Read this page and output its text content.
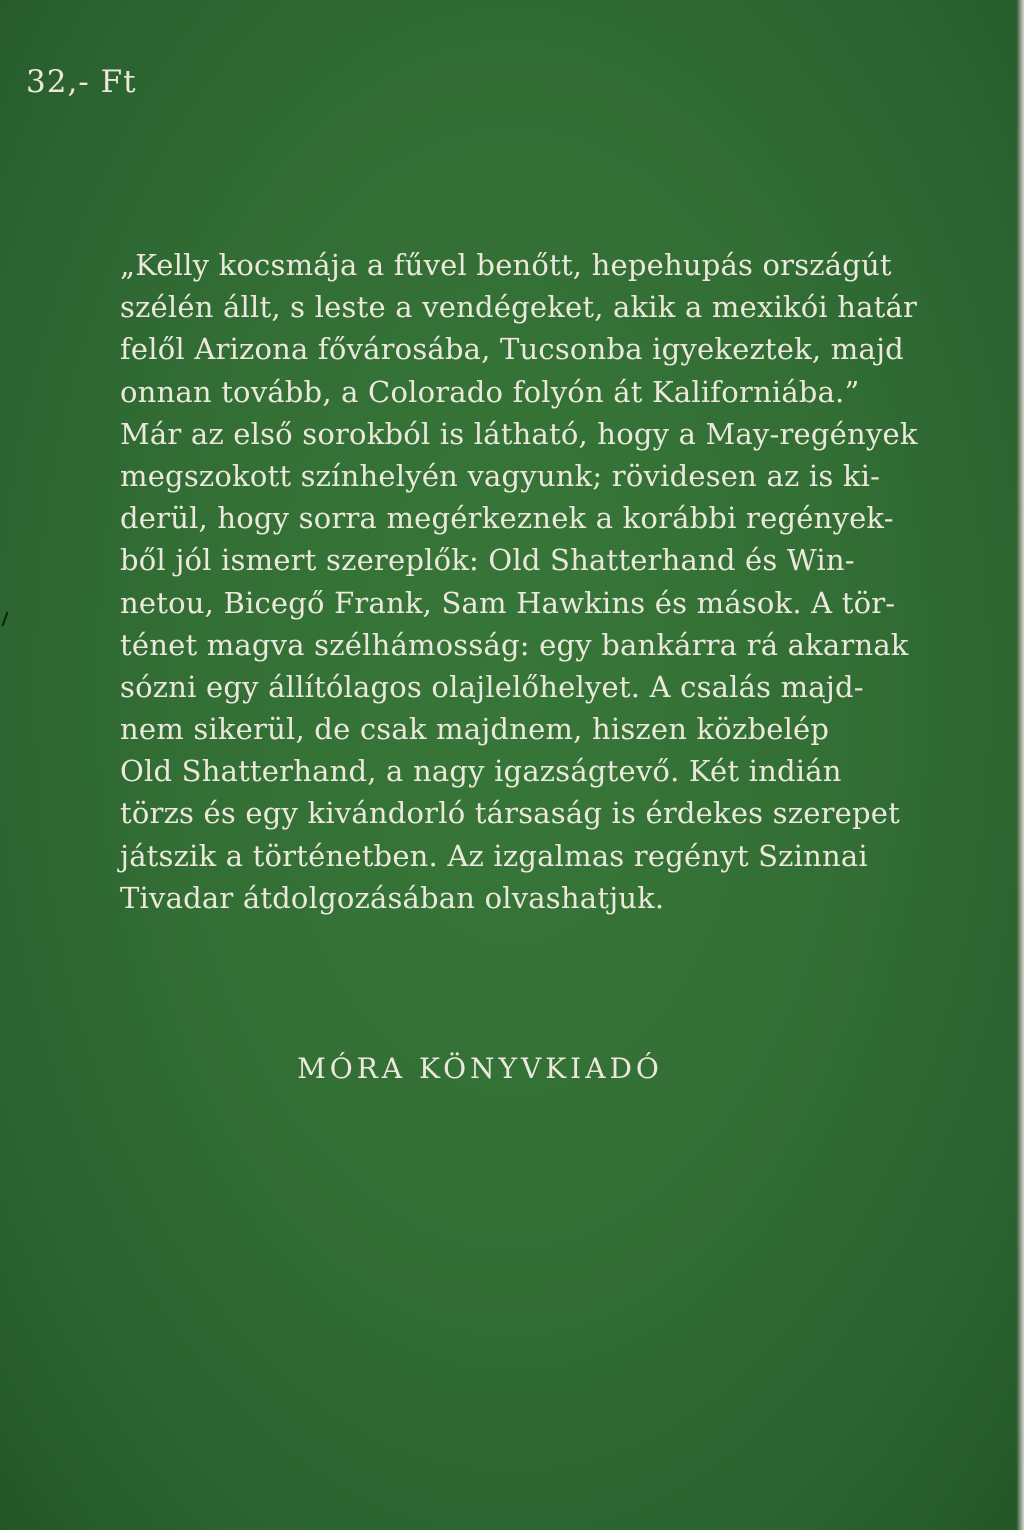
32,- Ft
„Kelly kocsmája a fűvel benőtt, hepehupás országút
szélén állt, s leste a vendégeket, akik a mexikói határ
felől Arizona fővárosába, Tucsonba igyekeztek, majd
onnan tovább, a Colorado folyón át Kaliforniába.”
Már az első sorokból is látható, hogy a May-regények
megszokott színhelyén vagyunk; rövidesen az is ki-
derül, hogy sorra megérkeznek a korábbi regények-
ből jól ismert szereplők: Old Shatterhand és Win-
netou, Bicegő Frank, Sam Hawkins és mások. A tör-
ténet magva szélhámosság: egy bankárra rá akarnak
sózni egy állítólagos olajlelőhelyet. A csalás majd-
nem sikerül, de csak majdnem, hiszen közbelép
Old Shatterhand, a nagy igazságtevő. Két indián
törzs és egy kivándorló társaság is érdekes szerepet
játszik a történetben. Az izgalmas regényt Szinnai
Tivadar átdolgozásában olvashatjuk.
MÓRA KÖNYVKIADÓ
